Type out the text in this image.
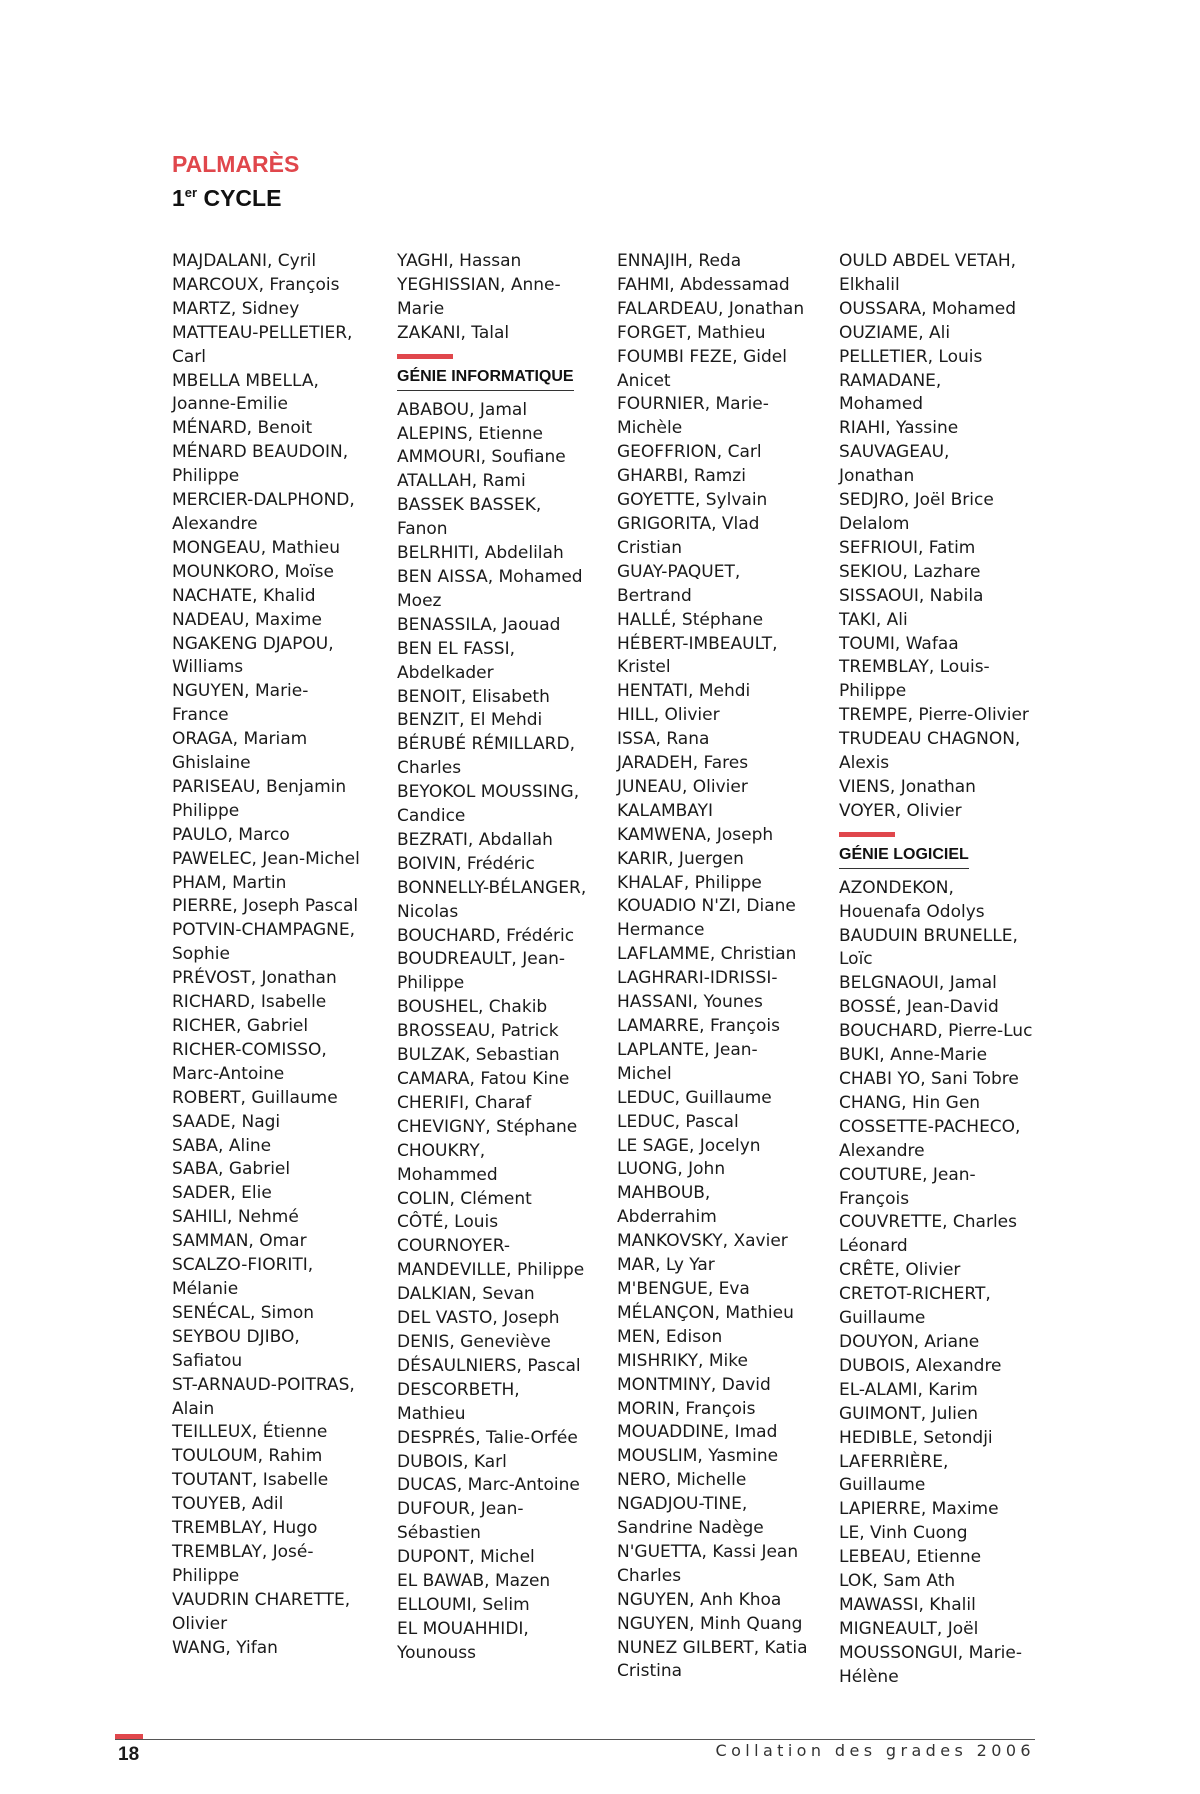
PALMARÈS
1er CYCLE
MAJDALANI, Cyril
MARCOUX, François
MARTZ, Sidney
MATTEAU-PELLETIER,
Carl
MBELLA MBELLA,
Joanne-Emilie
MÉNARD, Benoit
MÉNARD BEAUDOIN,
Philippe
MERCIER-DALPHOND,
Alexandre
MONGEAU, Mathieu
MOUNKORO, Moïse
NACHATE, Khalid
NADEAU, Maxime
NGAKENG DJAPOU,
Williams
NGUYEN, Marie-
France
ORAGA, Mariam
Ghislaine
PARISEAU, Benjamin
Philippe
PAULO, Marco
PAWELEC, Jean-Michel
PHAM, Martin
PIERRE, Joseph Pascal
POTVIN-CHAMPAGNE,
Sophie
PRÉVOST, Jonathan
RICHARD, Isabelle
RICHER, Gabriel
RICHER-COMISSO,
Marc-Antoine
ROBERT, Guillaume
SAADE, Nagi
SABA, Aline
SABA, Gabriel
SADER, Elie
SAHILI, Nehmé
SAMMAN, Omar
SCALZO-FIORITI,
Mélanie
SENÉCAL, Simon
SEYBOU DJIBO,
Safiatou
ST-ARNAUD-POITRAS,
Alain
TEILLEUX, Étienne
TOULOUM, Rahim
TOUTANT, Isabelle
TOUYEB, Adil
TREMBLAY, Hugo
TREMBLAY, José-
Philippe
VAUDRIN CHARETTE,
Olivier
WANG, Yifan
YAGHI, Hassan
YEGHISSIAN, Anne-
Marie
ZAKANI, Talal
GÉNIE INFORMATIQUE
ABABOU, Jamal
ALEPINS, Etienne
AMMOURI, Soufiane
ATALLAH, Rami
BASSEK BASSEK,
Fanon
BELRHITI, Abdelilah
BEN AISSA, Mohamed
Moez
BENASSILA, Jaouad
BEN EL FASSI,
Abdelkader
BENOIT, Elisabeth
BENZIT, El Mehdi
BÉRUBÉ RÉMILLARD,
Charles
BEYOKOL MOUSSING,
Candice
BEZRATI, Abdallah
BOIVIN, Frédéric
BONNELLY-BÉLANGER,
Nicolas
BOUCHARD, Frédéric
BOUDREAULT, Jean-
Philippe
BOUSHEL, Chakib
BROSSEAU, Patrick
BULZAK, Sebastian
CAMARA, Fatou Kine
CHERIFI, Charaf
CHEVIGNY, Stéphane
CHOUKRY,
Mohammed
COLIN, Clément
CÔTÉ, Louis
COURNOYER-
MANDEVILLE, Philippe
DALKIAN, Sevan
DEL VASTO, Joseph
DENIS, Geneviève
DÉSAULNIERS, Pascal
DESCORBETH,
Mathieu
DESPRÉS, Talie-Orfée
DUBOIS, Karl
DUCAS, Marc-Antoine
DUFOUR, Jean-
Sébastien
DUPONT, Michel
EL BAWAB, Mazen
ELLOUMI, Selim
EL MOUAHHIDI,
Younouss
ENNAJIH, Reda
FAHMI, Abdessamad
FALARDEAU, Jonathan
FORGET, Mathieu
FOUMBI FEZE, Gidel
Anicet
FOURNIER, Marie-
Michèle
GEOFFRION, Carl
GHARBI, Ramzi
GOYETTE, Sylvain
GRIGORITA, Vlad
Cristian
GUAY-PAQUET,
Bertrand
HALLÉ, Stéphane
HÉBERT-IMBEAULT,
Kristel
HENTATI, Mehdi
HILL, Olivier
ISSA, Rana
JARADEH, Fares
JUNEAU, Olivier
KALAMBAYI
KAMWENA, Joseph
KARIR, Juergen
KHALAF, Philippe
KOUADIO N'ZI, Diane
Hermance
LAFLAMME, Christian
LAGHRARI-IDRISSI-
HASSANI, Younes
LAMARRE, François
LAPLANTE, Jean-
Michel
LEDUC, Guillaume
LEDUC, Pascal
LE SAGE, Jocelyn
LUONG, John
MAHBOUB,
Abderrahim
MANKOVSKY, Xavier
MAR, Ly Yar
M'BENGUE, Eva
MÉLANÇON, Mathieu
MEN, Edison
MISHRIKY, Mike
MONTMINY, David
MORIN, François
MOUADDINE, Imad
MOUSLIM, Yasmine
NERO, Michelle
NGADJOU-TINE,
Sandrine Nadège
N'GUETTA, Kassi Jean
Charles
NGUYEN, Anh Khoa
NGUYEN, Minh Quang
NUNEZ GILBERT, Katia
Cristina
OULD ABDEL VETAH,
Elkhalil
OUSSARA, Mohamed
OUZIAME, Ali
PELLETIER, Louis
RAMADANE,
Mohamed
RIAHI, Yassine
SAUVAGEAU,
Jonathan
SEDJRO, Joël Brice
Delalom
SEFRIOUI, Fatim
SEKIOU, Lazhare
SISSAOUI, Nabila
TAKI, Ali
TOUMI, Wafaa
TREMBLAY, Louis-
Philippe
TREMPE, Pierre-Olivier
TRUDEAU CHAGNON,
Alexis
VIENS, Jonathan
VOYER, Olivier
GÉNIE LOGICIEL
AZONDEKON,
Houenafa Odolys
BAUDUIN BRUNELLE,
Loïc
BELGNAOUI, Jamal
BOSSÉ, Jean-David
BOUCHARD, Pierre-Luc
BUKI, Anne-Marie
CHABI YO, Sani Tobre
CHANG, Hin Gen
COSSETTE-PACHECO,
Alexandre
COUTURE, Jean-
François
COUVRETTE, Charles
Léonard
CRÊTE, Olivier
CRETOT-RICHERT,
Guillaume
DOUYON, Ariane
DUBOIS, Alexandre
EL-ALAMI, Karim
GUIMONT, Julien
HEDIBLE, Setondji
LAFERRIÈRE,
Guillaume
LAPIERRE, Maxime
LE, Vinh Cuong
LEBEAU, Etienne
LOK, Sam Ath
MAWASSI, Khalil
MIGNEAULT, Joël
MOUSSONGUI, Marie-
Hélène
18	Collation des grades 2006
